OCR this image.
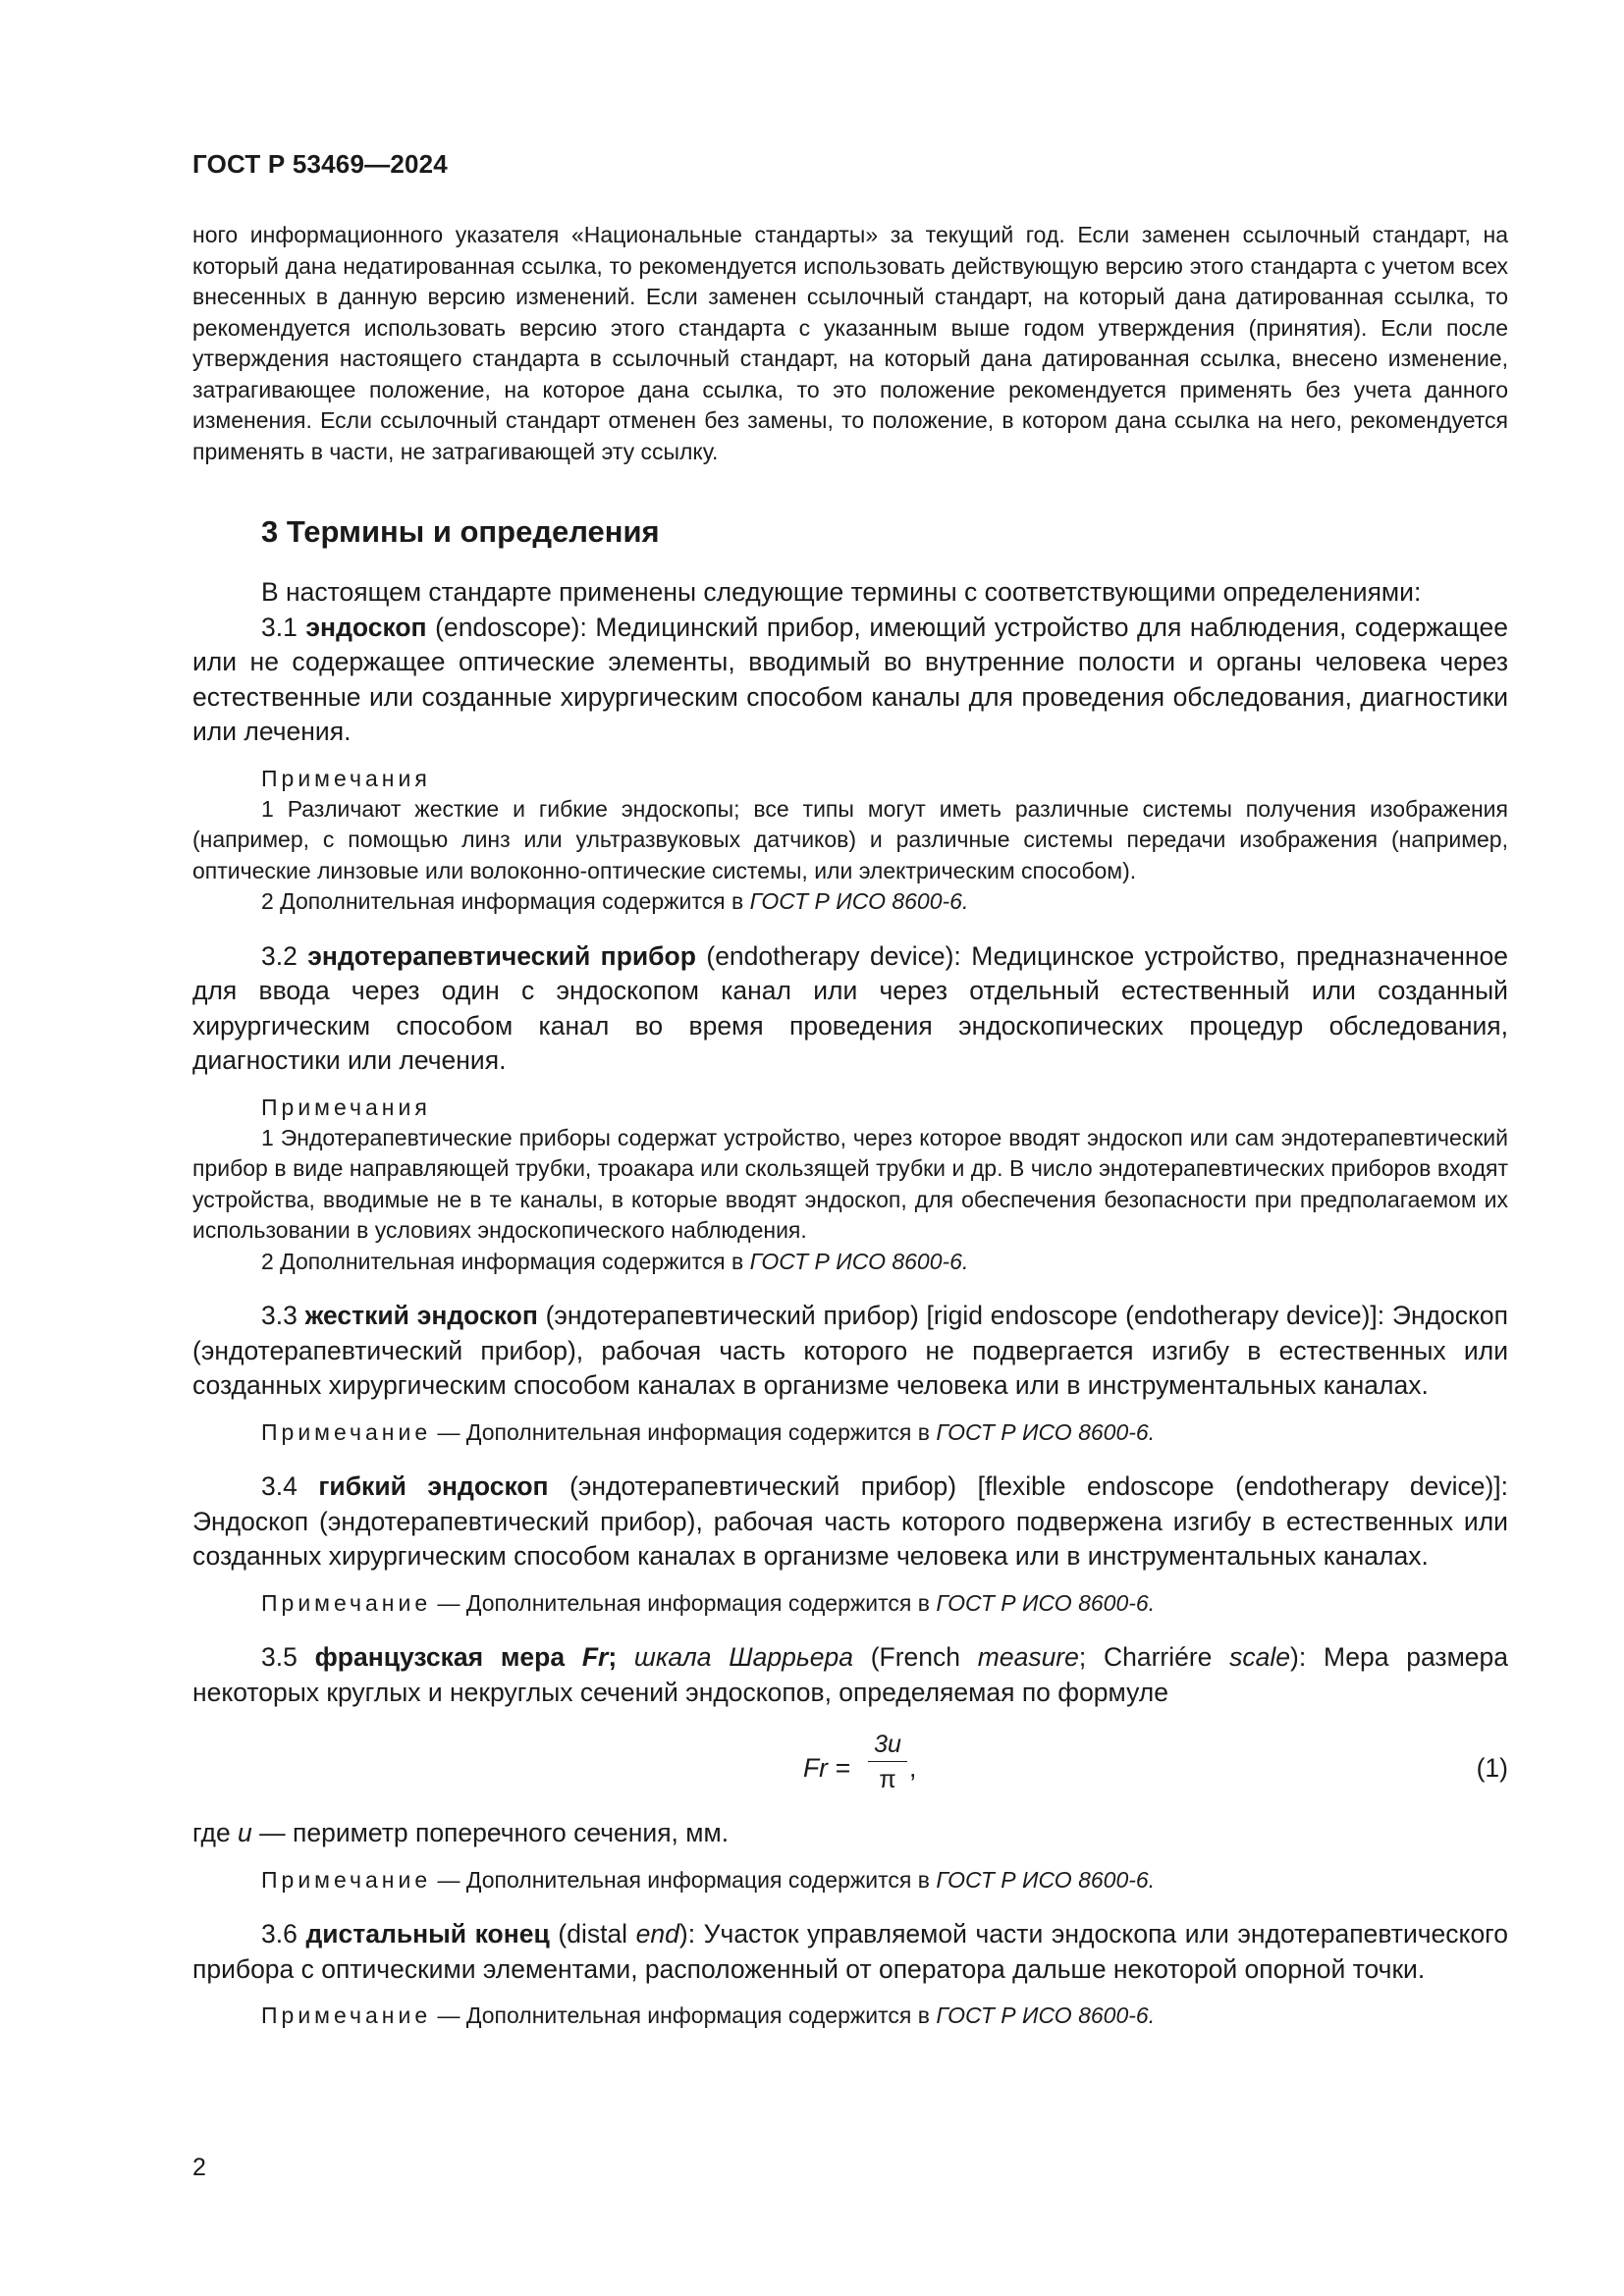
ГОСТ Р 53469—2024

ного информационного указателя «Национальные стандарты» за текущий год. Если заменен ссылочный стандарт, на который дана недатированная ссылка, то рекомендуется использовать действующую версию этого стандарта с учетом всех внесенных в данную версию изменений. Если заменен ссылочный стандарт, на который дана датированная ссылка, то рекомендуется использовать версию этого стандарта с указанным выше годом утверждения (принятия). Если после утверждения настоящего стандарта в ссылочный стандарт, на который дана датированная ссылка, внесено изменение, затрагивающее положение, на которое дана ссылка, то это положение рекомендуется применять без учета данного изменения. Если ссылочный стандарт отменен без замены, то положение, в котором дана ссылка на него, рекомендуется применять в части, не затрагивающей эту ссылку.

3 Термины и определения

В настоящем стандарте применены следующие термины с соответствующими определениями:

3.1 эндоскоп (endoscope): Медицинский прибор, имеющий устройство для наблюдения, содержащее или не содержащее оптические элементы, вводимый во внутренние полости и органы человека через естественные или созданные хирургическим способом каналы для проведения обследования, диагностики или лечения.

Примечания

1 Различают жесткие и гибкие эндоскопы; все типы могут иметь различные системы получения изображения (например, с помощью линз или ультразвуковых датчиков) и различные системы передачи изображения (например, оптические линзовые или волоконно-оптические системы, или электрическим способом).

2 Дополнительная информация содержится в ГОСТ Р ИСО 8600-6.

3.2 эндотерапевтический прибор (endotherapy device): Медицинское устройство, предназначенное для ввода через один с эндоскопом канал или через отдельный естественный или созданный хирургическим способом канал во время проведения эндоскопических процедур обследования, диагностики или лечения.

Примечания

1 Эндотерапевтические приборы содержат устройство, через которое вводят эндоскоп или сам эндотерапевтический прибор в виде направляющей трубки, троакара или скользящей трубки и др. В число эндотерапевтических приборов входят устройства, вводимые не в те каналы, в которые вводят эндоскоп, для обеспечения безопасности при предполагаемом их использовании в условиях эндоскопического наблюдения.

2 Дополнительная информация содержится в ГОСТ Р ИСО 8600-6.

3.3 жесткий эндоскоп (эндотерапевтический прибор) [rigid endoscope (endotherapy device)]: Эндоскоп (эндотерапевтический прибор), рабочая часть которого не подвергается изгибу в естественных или созданных хирургическим способом каналах в организме человека или в инструментальных каналах.

Примечание — Дополнительная информация содержится в ГОСТ Р ИСО 8600-6.

3.4 гибкий эндоскоп (эндотерапевтический прибор) [flexible endoscope (endotherapy device)]: Эндоскоп (эндотерапевтический прибор), рабочая часть которого подвержена изгибу в естественных или созданных хирургическим способом каналах в организме человека или в инструментальных каналах.

Примечание — Дополнительная информация содержится в ГОСТ Р ИСО 8600-6.

3.5 французская мера Fr; шкала Шаррьера (French measure; Charriére scale): Мера размера некоторых круглых и некруглых сечений эндоскопов, определяемая по формуле

Fr =
3u
π ,	(1)

где u — периметр поперечного сечения, мм.

Примечание — Дополнительная информация содержится в ГОСТ Р ИСО 8600-6.

3.6 дистальный конец (distal end): Участок управляемой части эндоскопа или эндотерапевтического прибора с оптическими элементами, расположенный от оператора дальше некоторой опорной точки.

Примечание — Дополнительная информация содержится в ГОСТ Р ИСО 8600-6.

2
